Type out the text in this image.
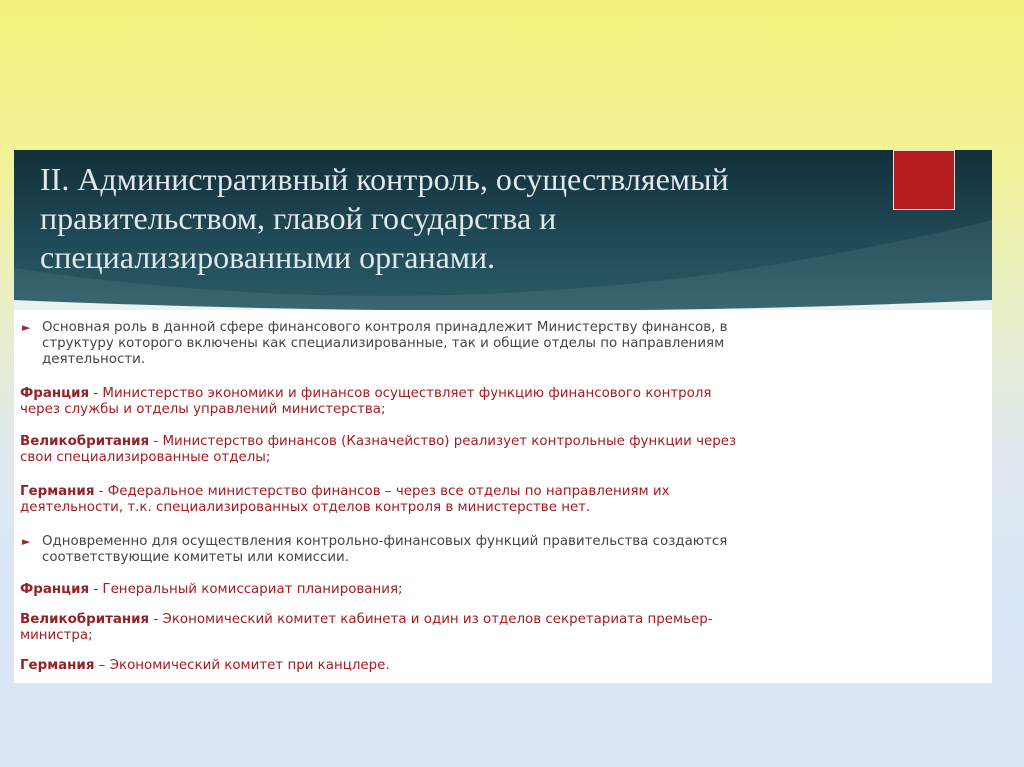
II. Административный контроль, осуществляемый
правительством, главой государства и
специализированными органами.
► Основная роль в данной сфере финансового контроля принадлежит Министерству финансов, в
структуру которого включены как специализированные, так и общие отделы по направлениям
деятельности.
Франция - Министерство экономики и финансов осуществляет функцию финансового контроля
через службы и отделы управлений министерства;
Великобритания - Министерство финансов (Казначейство) реализует контрольные функции через
свои специализированные отделы;
Германия - Федеральное министерство финансов – через все отделы по направлениям их
деятельности, т.к. специализированных отделов контроля в министерстве нет.
► Одновременно для осуществления контрольно-финансовых функций правительства создаются
соответствующие комитеты или комиссии.
Франция - Генеральный комиссариат планирования;
Великобритания - Экономический комитет кабинета и один из отделов секретариата премьер-
министра;
Германия – Экономический комитет при канцлере.
